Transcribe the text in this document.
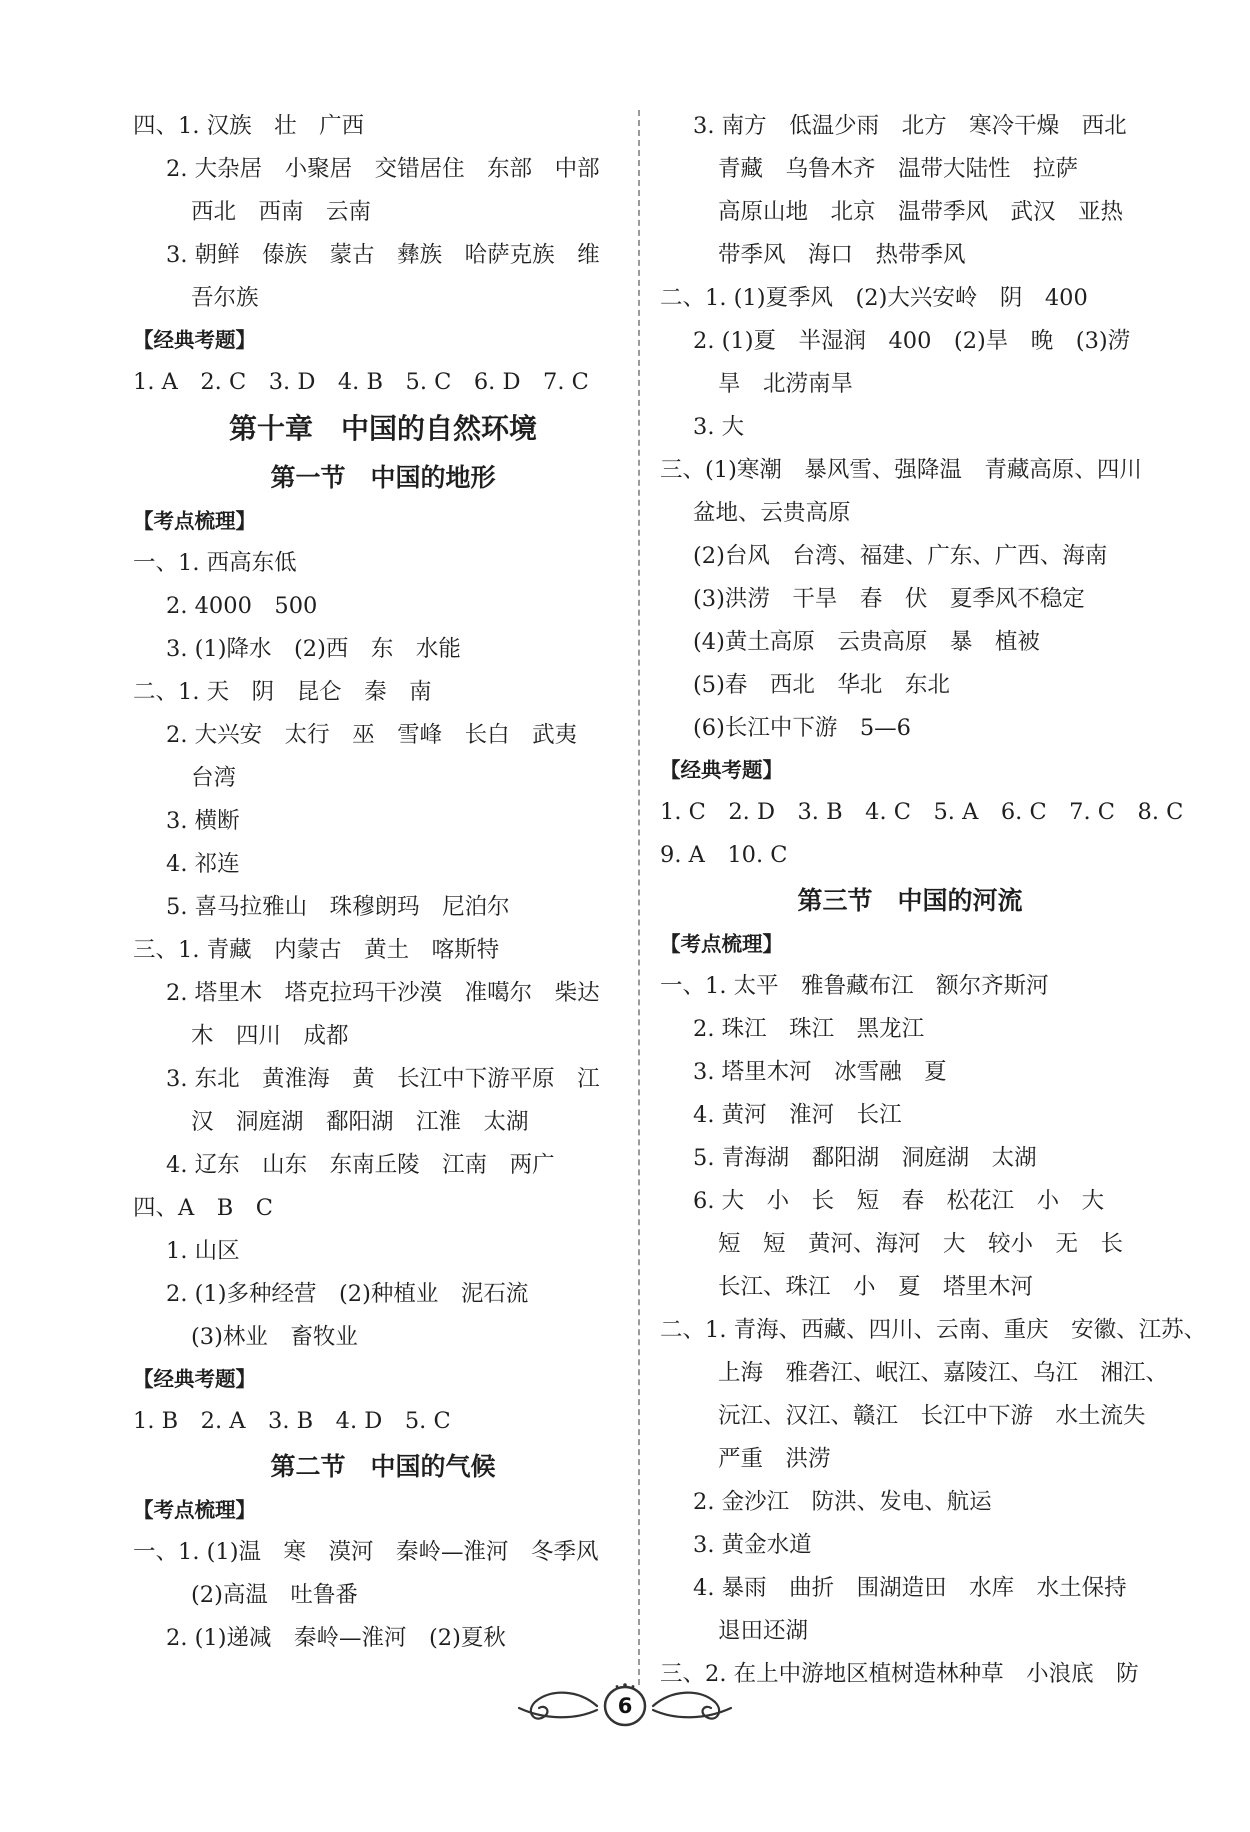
四、1. 汉族　壮　广西
2. 大杂居　小聚居　交错居住　东部　中部
西北　西南　云南
3. 朝鲜　傣族　蒙古　彝族　哈萨克族　维
吾尔族
【经典考题】
1. A　2. C　3. D　4. B　5. C　6. D　7. C
第十章　中国的自然环境
第一节　中国的地形
【考点梳理】
一、1. 西高东低
2. 4000　500
3. (1)降水　(2)西　东　水能
二、1. 天　阴　昆仑　秦　南
2. 大兴安　太行　巫　雪峰　长白　武夷
台湾
3. 横断
4. 祁连
5. 喜马拉雅山　珠穆朗玛　尼泊尔
三、1. 青藏　内蒙古　黄土　喀斯特
2. 塔里木　塔克拉玛干沙漠　准噶尔　柴达
木　四川　成都
3. 东北　黄淮海　黄　长江中下游平原　江
汉　洞庭湖　鄱阳湖　江淮　太湖
4. 辽东　山东　东南丘陵　江南　两广
四、A　B　C
1. 山区
2. (1)多种经营　(2)种植业　泥石流
(3)林业　畜牧业
【经典考题】
1. B　2. A　3. B　4. D　5. C
第二节　中国的气候
【考点梳理】
一、1. (1)温　寒　漠河　秦岭—淮河　冬季风
(2)高温　吐鲁番
2. (1)递减　秦岭—淮河　(2)夏秋
3. 南方　低温少雨　北方　寒冷干燥　西北
青藏　乌鲁木齐　温带大陆性　拉萨
高原山地　北京　温带季风　武汉　亚热
带季风　海口　热带季风
二、1. (1)夏季风　(2)大兴安岭　阴　400
2. (1)夏　半湿润　400　(2)旱　晚　(3)涝
旱　北涝南旱
3. 大
三、(1)寒潮　暴风雪、强降温　青藏高原、四川
盆地、云贵高原
(2)台风　台湾、福建、广东、广西、海南
(3)洪涝　干旱　春　伏　夏季风不稳定
(4)黄土高原　云贵高原　暴　植被
(5)春　西北　华北　东北
(6)长江中下游　5—6
【经典考题】
1. C　2. D　3. B　4. C　5. A　6. C　7. C　8. C
9. A　10. C
第三节　中国的河流
【考点梳理】
一、1. 太平　雅鲁藏布江　额尔齐斯河
2. 珠江　珠江　黑龙江
3. 塔里木河　冰雪融　夏
4. 黄河　淮河　长江
5. 青海湖　鄱阳湖　洞庭湖　太湖
6. 大　小　长　短　春　松花江　小　大
短　短　黄河、海河　大　较小　无　长
长江、珠江　小　夏　塔里木河
二、1. 青海、西藏、四川、云南、重庆　安徽、江苏、
上海　雅砻江、岷江、嘉陵江、乌江　湘江、
沅江、汉江、赣江　长江中下游　水土流失
严重　洪涝
2. 金沙江　防洪、发电、航运
3. 黄金水道
4. 暴雨　曲折　围湖造田　水库　水土保持
退田还湖
三、2. 在上中游地区植树造林种草　小浪底　防
6
